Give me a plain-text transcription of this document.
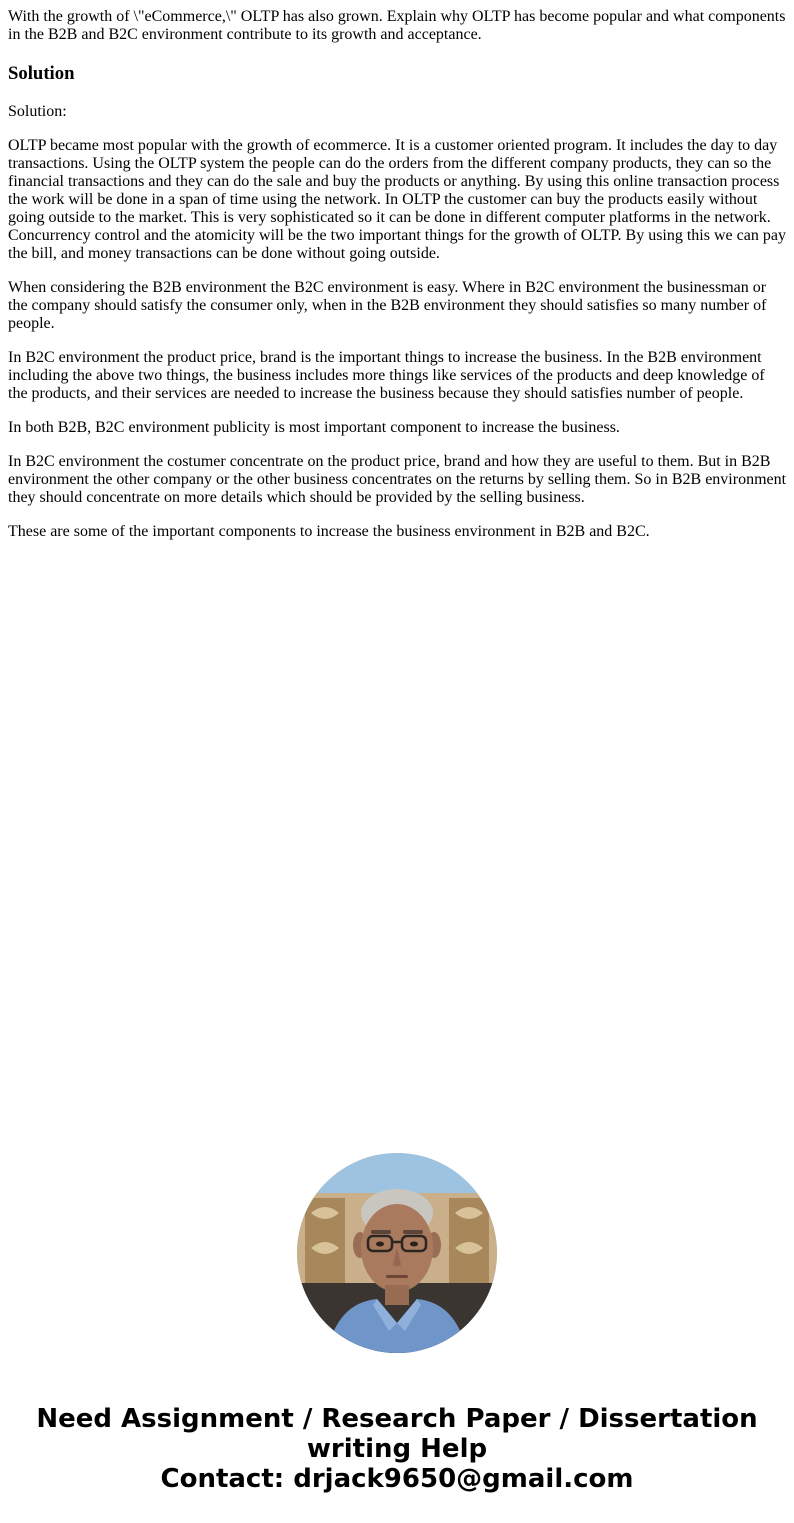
With the growth of \"eCommerce,\" OLTP has also grown. Explain why OLTP has become popular and what components in the B2B and B2C environment contribute to its growth and acceptance.
Solution

Solution:

OLTP became most popular with the growth of ecommerce. It is a customer oriented program. It includes the day to day transactions. Using the OLTP system the people can do the orders from the different company products, they can so the financial transactions and they can do the sale and buy the products or anything. By using this online transaction process the work will be done in a span of time using the network. In OLTP the customer can buy the products easily without going outside to the market. This is very sophisticated so it can be done in different computer platforms in the network. Concurrency control and the atomicity will be the two important things for the growth of OLTP. By using this we can pay the bill, and money transactions can be done without going outside.

When considering the B2B environment the B2C environment is easy. Where in B2C environment the businessman or the company should satisfy the consumer only, when in the B2B environment they should satisfies so many number of people.

In B2C environment the product price, brand is the important things to increase the business. In the B2B environment including the above two things, the business includes more things like services of the products and deep knowledge of the products, and their services are needed to increase the business because they should satisfies number of people.

In both B2B, B2C environment publicity is most important component to increase the business.

In B2C environment the costumer concentrate on the product price, brand and how they are useful to them. But in B2B environment the other company or the other business concentrates on the returns by selling them. So in B2B environment they should concentrate on more details which should be provided by the selling business.

These are some of the important components to increase the business environment in B2B and B2C.

Need Assignment / Research Paper / Dissertation
writing Help
Contact: drjack9650@gmail.com
